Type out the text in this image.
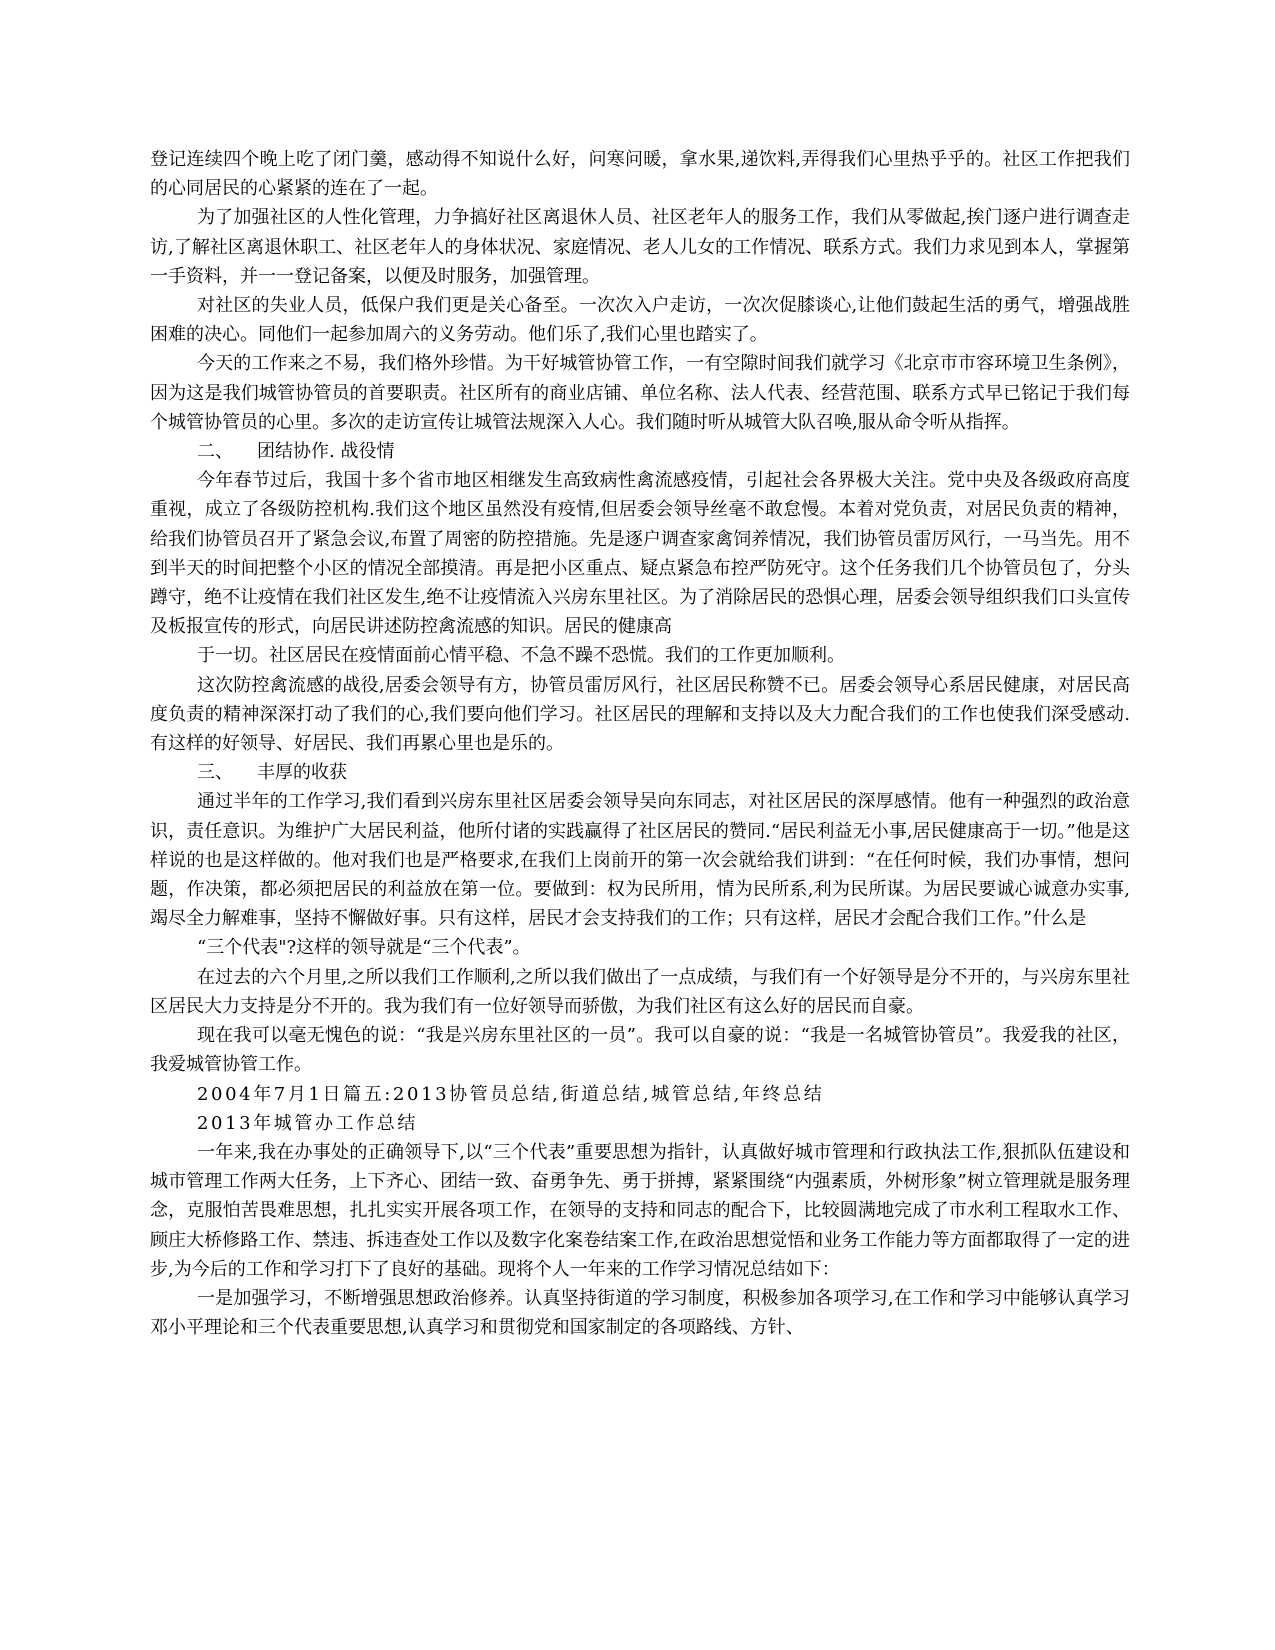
登记连续四个晚上吃了闭门羹，感动得不知说什么好，问寒问暖，拿水果,递饮料,弄得我们心里热乎乎的。社区工作把我们的心同居民的心紧紧的连在了一起。

为了加强社区的人性化管理，力争搞好社区离退休人员、社区老年人的服务工作，我们从零做起,挨门逐户进行调查走访,了解社区离退休职工、社区老年人的身体状况、家庭情况、老人儿女的工作情况、联系方式。我们力求见到本人，掌握第一手资料，并一一登记备案，以便及时服务，加强管理。

对社区的失业人员，低保户我们更是关心备至。一次次入户走访，一次次促膝谈心,让他们鼓起生活的勇气，增强战胜困难的决心。同他们一起参加周六的义务劳动。他们乐了,我们心里也踏实了。

今天的工作来之不易，我们格外珍惜。为干好城管协管工作，一有空隙时间我们就学习《北京市市容环境卫生条例》，因为这是我们城管协管员的首要职责。社区所有的商业店铺、单位名称、法人代表、经营范围、联系方式早已铭记于我们每个城管协管员的心里。多次的走访宣传让城管法规深入人心。我们随时听从城管大队召唤,服从命令听从指挥。

二、 团结协作. 战役情

今年春节过后，我国十多个省市地区相继发生高致病性禽流感疫情，引起社会各界极大关注。党中央及各级政府高度重视，成立了各级防控机构.我们这个地区虽然没有疫情,但居委会领导丝毫不敢怠慢。本着对党负责，对居民负责的精神，给我们协管员召开了紧急会议,布置了周密的防控措施。先是逐户调查家禽饲养情况，我们协管员雷厉风行，一马当先。用不到半天的时间把整个小区的情况全部摸清。再是把小区重点、疑点紧急布控严防死守。这个任务我们几个协管员包了，分头蹲守，绝不让疫情在我们社区发生,绝不让疫情流入兴房东里社区。为了消除居民的恐惧心理，居委会领导组织我们口头宣传及板报宣传的形式，向居民讲述防控禽流感的知识。居民的健康高

于一切。社区居民在疫情面前心情平稳、不急不躁不恐慌。我们的工作更加顺利。

这次防控禽流感的战役,居委会领导有方，协管员雷厉风行，社区居民称赞不已。居委会领导心系居民健康，对居民高度负责的精神深深打动了我们的心,我们要向他们学习。社区居民的理解和支持以及大力配合我们的工作也使我们深受感动.有这样的好领导、好居民、我们再累心里也是乐的。

三、 丰厚的收获

通过半年的工作学习,我们看到兴房东里社区居委会领导吴向东同志，对社区居民的深厚感情。他有一种强烈的政治意识，责任意识。为维护广大居民利益，他所付诸的实践赢得了社区居民的赞同.“居民利益无小事,居民健康高于一切。”他是这样说的也是这样做的。他对我们也是严格要求,在我们上岗前开的第一次会就给我们讲到：“在任何时候，我们办事情，想问题，作决策，都必须把居民的利益放在第一位。要做到：权为民所用，情为民所系,利为民所谋。为居民要诚心诚意办实事,竭尽全力解难事，坚持不懈做好事。只有这样，居民才会支持我们的工作；只有这样，居民才会配合我们工作。”什么是

“三个代表"?这样的领导就是“三个代表”。

在过去的六个月里,之所以我们工作顺利,之所以我们做出了一点成绩，与我们有一个好领导是分不开的，与兴房东里社区居民大力支持是分不开的。我为我们有一位好领导而骄傲，为我们社区有这么好的居民而自豪。

现在我可以毫无愧色的说：“我是兴房东里社区的一员”。我可以自豪的说：“我是一名城管协管员”。我爱我的社区，我爱城管协管工作。

2004年7月1日篇五:2013协管员总结,街道总结,城管总结,年终总结

2013年城管办工作总结

一年来,我在办事处的正确领导下,以“三个代表”重要思想为指针，认真做好城市管理和行政执法工作,狠抓队伍建设和城市管理工作两大任务，上下齐心、团结一致、奋勇争先、勇于拼搏，紧紧围绕“内强素质，外树形象”树立管理就是服务理念，克服怕苦畏难思想，扎扎实实开展各项工作，在领导的支持和同志的配合下，比较圆满地完成了市水利工程取水工作、顾庄大桥修路工作、禁违、拆违查处工作以及数字化案卷结案工作,在政治思想觉悟和业务工作能力等方面都取得了一定的进步,为今后的工作和学习打下了良好的基础。现将个人一年来的工作学习情况总结如下：

一是加强学习，不断增强思想政治修养。认真坚持街道的学习制度，积极参加各项学习,在工作和学习中能够认真学习邓小平理论和三个代表重要思想,认真学习和贯彻党和国家制定的各项路线、方针、
